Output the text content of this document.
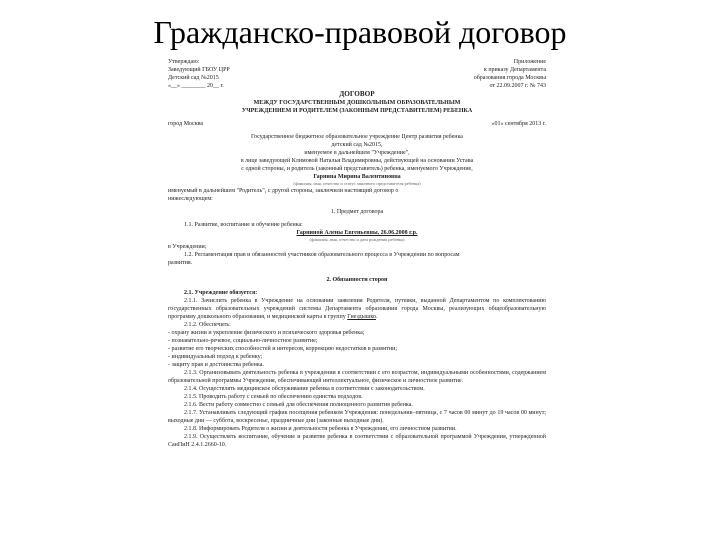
Гражданско-правовой договор

Утверждаю:

Заведующий ГБОУ ЦРР

Детский сад №2015

«__» ________ 20__ г.

Приложение

к приказу Департамента

образования города Москвы

от 22.09.2007 г. № 743

ДОГОВОР

МЕЖДУ ГОСУДАРСТВЕННЫМ ДОШКОЛЬНЫМ ОБРАЗОВАТЕЛЬНЫМ

УЧРЕЖДЕНИЕМ И РОДИТЕЛЕМ (ЗАКОННЫМ ПРЕДСТАВИТЕЛЕМ) РЕБЕНКА

город Москва	«01» сентября 2013 г.

Государственное бюджетное образовательное учреждение Центр развития ребенка

детский сад №2015,

именуемое в дальнейшем "Учреждение",

в лице заведующей Климовой Натальи Владимировны, действующей на основании Устава

с одной стороны, и родитель (законный представитель) ребенка, именуемого Учреждение,

Гарнина Мирина Валентиновна

(фамилия, имя, отчество и статус законного представителя ребенка)

именуемый в дальнейшем "Родитель", с другой стороны, заключили настоящий договор о

нижеследующем:

1. Предмет договора

1.1. Развитие, воспитание и обучение ребенка:

Гарниной Алены Евгеньевны, 26.06.2008 г.р.

(фамилия, имя, отчество и дата рождения ребенка)

в Учреждении;

1.2. Регламентация прав и обязанностей участников образовательного процесса в Учреждении по вопросам

развития.

2. Обязанности сторон

2.1. Учреждение обязуется:

2.1.1. Зачислить ребенка в Учреждение на основании заявления Родителя, путевки, выданной Департаментом по комплектованию государственных образовательных учреждений системы Департамента образования города Москвы, реализующих общеобразовательную программу дошкольного образования, и медицинской карты в группу Гнездышко.

2.1.2. Обеспечить:

- охрану жизни и укрепление физического и психического здоровья ребенка;

- познавательно-речевое, социально-личностное развитие;

- развитие его творческих способностей и интересов, коррекцию недостатков в развитии;

- индивидуальный подход к ребенку;

- защиту прав и достоинства ребенка.

2.1.3. Организовывать деятельность ребенка в учреждении в соответствии с его возрастом, индивидуальными особенностями, содержанием образовательной программы Учреждения, обеспечивающей интеллектуальное, физическое и личностное развитие.

2.1.4. Осуществлять медицинское обслуживание ребенка в соответствии с законодательством.

2.1.5. Проводить работу с семьей по обеспечению единства подходов.

2.1.6. Вести работу совместно с семьей для обеспечения полноценного развития ребенка.

2.1.7. Устанавливать следующий график посещения ребенком Учреждения: понедельник–пятница, с 7 часов 00 минут до 19 часов 00 минут; выходные дни — суббота, воскресенье, праздничные дни (законные выходные дни).

2.1.8. Информировать Родителя о жизни и деятельности ребенка в Учреждении, его личностном развитии.

2.1.9. Осуществлять воспитание, обучение и развитие ребенка в соответствии с образовательной программой Учреждения, утвержденной СанПиН 2.4.1.2660-10.
